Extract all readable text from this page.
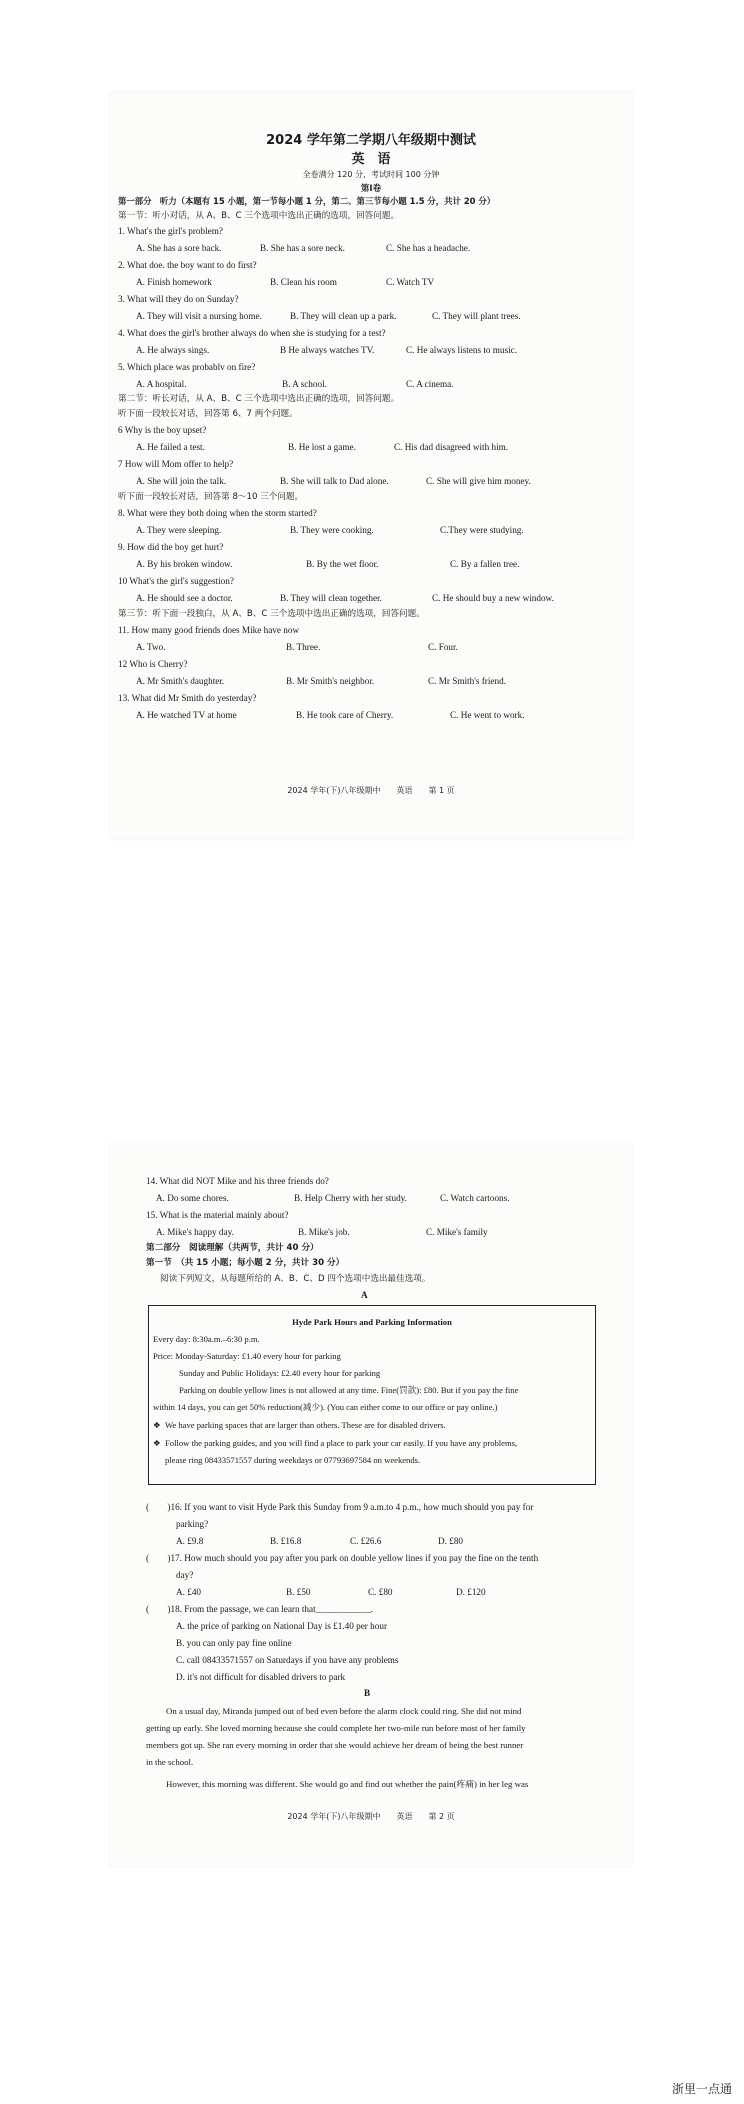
2024 学年第二学期八年级期中测试
英　语
全卷满分 120 分，考试时间 100 分钟
第Ⅰ卷
第一部分　听力（本题有 15 小题，第一节每小题 1 分，第二、第三节每小题 1.5 分，共计 20 分）
第一节：听小对话，从 A、B、C 三个选项中选出正确的选项，回答问题。
1. What's the girl's problem?
A. She has a sore back.	B. She has a sore neck.	C. She has a headache.
2. What doe. the boy want to do first?
A. Finish homework	B. Clean his room	C. Watch TV
3. What will they do on Sunday?
A. They will visit a nursing home.	B. They will clean up a park.	C. They will plant trees.
4. What does the girl's brother always do when she is studying for a test?
A. He always sings.	B He always watches TV.	C. He always listens to music.
5. Which place was probablv on fire?
A. A hospital.	B. A school.	C. A cinema.
第二节：听长对话，从 A、B、C 三个选项中选出正确的选项，回答问题。
听下面一段较长对话，回答第 6、7 两个问题。
6 Why is the boy upset?
A. He failed a test.	B. He lost a game.	C. His dad disagreed with him.
7 How will Mom offer to help?
A. She will join the talk.	B. She will talk to Dad alone.	C. She will give him money.
听下面一段较长对话，回答第 8～10 三个问题。
8. What were they both doing when the storm started?
A. They were sleeping.	B. They were cooking.	C.They were studying.
9. How did the boy get hurt?
A. By his broken window.	B. By the wet floor.	C. By a fallen tree.
10 What's the girl's suggestion?
A. He should see a doctor.	B. They will clean together.	C. He should buy a new window.
第三节：听下面一段独白，从 A、B、C 三个选项中选出正确的选项，回答问题。
11. How many good friends does Mike have now
A. Two.	B. Three.	C. Four.
12 Who is Cherry?
A. Mr Smith's daughter.	B. Mr Smith's neighbor.	C. Mr Smith's friend.
13. What did Mr Smith do yesterday?
A. He watched TV at home	B. He took care of Cherry.	C. He went to work.
2024 学年(下)八年级期中　　英语　　第 1 页
14. What did NOT Mike and his three friends do?
A. Do some chores.	B. Help Cherry with her study.	C. Watch cartoons.
15. What is the material mainly about?
A. Mike's happy day.	B. Mike's job.	C. Mike's family
第二部分　阅读理解（共两节，共计 40 分）
第一节　（共 15 小题；每小题 2 分，共计 30 分）
阅读下列短文，从每题所给的 A、B、C、D 四个选项中选出最佳选项。
A
Hyde Park Hours and Parking Information
Every day: 8:30a.m.–6:30 p.m.
Price: Monday-Saturday: £1.40 every hour for parking
Sunday and Public Holidays: £2.40 every hour for parking
Parking on double yellow lines is not allowed at any time. Fine(罚款): £80. But if you pay the fine
within 14 days, you can get 50% reduction(减少). (You can either come to our office or pay online.)
❖ We have parking spaces that are larger than others. These are for disabled drivers.
❖ Follow the parking guides, and you will find a place to park your car easily. If you have any problems,
please ring 08433571557 during weekdays or 07793697584 on weekends.
(　　)16. If you want to visit Hyde Park this Sunday from 9 a.m.to 4 p.m., how much should you pay for
parking?
A. £9.8	B. £16.8	C. £26.6	D. £80
(　　)17. How much should you pay after you park on double yellow lines if you pay the fine on the tenth
day?
A. £40	B. £50	C. £80	D. £120
(　　)18. From the passage, we can learn that____________.
A. the price of parking on National Day is £1.40 per hour
B. you can only pay fine online
C. call 08433571557 on Saturdays if you have any problems
D. it's not difficult for disabled drivers to park
B
On a usual day, Miranda jumped out of bed even before the alarm clock could ring. She did not mind
getting up early. She loved morning because she could complete her two-mile run before most of her family
members got up. She ran every morning in order that she would achieve her dream of being the best runner
in the school.
However, this morning was different. She would go and find out whether the pain(疼痛) in her leg was
2024 学年(下)八年级期中　　英语　　第 2 页
浙里一点通
